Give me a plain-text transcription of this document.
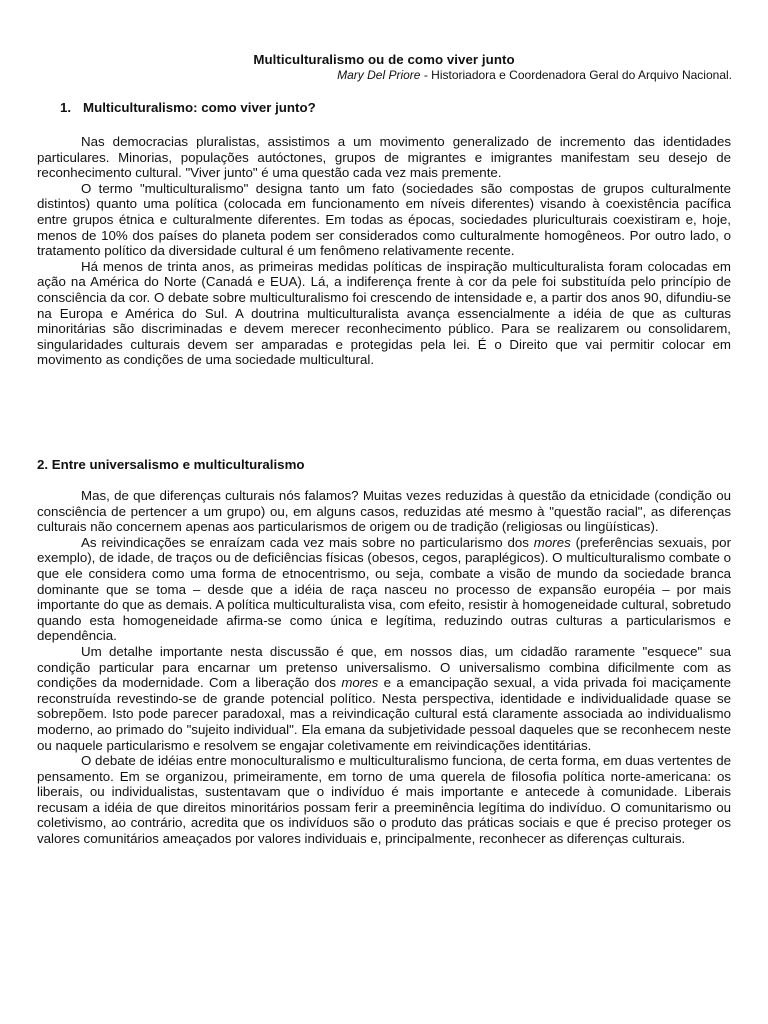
Multiculturalismo ou de como viver junto
Mary Del Priore - Historiadora e Coordenadora Geral do Arquivo Nacional.
1. Multiculturalismo: como viver junto?

Nas democracias pluralistas, assistimos a um movimento generalizado de incremento das identidades particulares. Minorias, populações autóctones, grupos de migrantes e imigrantes manifestam seu desejo de reconhecimento cultural. "Viver junto" é uma questão cada vez mais premente.

O termo "multiculturalismo" designa tanto um fato (sociedades são compostas de grupos culturalmente distintos) quanto uma política (colocada em funcionamento em níveis diferentes) visando à coexistência pacífica entre grupos étnica e culturalmente diferentes. Em todas as épocas, sociedades pluriculturais coexistiram e, hoje, menos de 10% dos países do planeta podem ser considerados como culturalmente homogêneos. Por outro lado, o tratamento político da diversidade cultural é um fenômeno relativamente recente.

Há menos de trinta anos, as primeiras medidas políticas de inspiração multiculturalista foram colocadas em ação na América do Norte (Canadá e EUA). Lá, a indiferença frente à cor da pele foi substituída pelo princípio de consciência da cor. O debate sobre multiculturalismo foi crescendo de intensidade e, a partir dos anos 90, difundiu-se na Europa e América do Sul. A doutrina multiculturalista avança essencialmente a idéia de que as culturas minoritárias são discriminadas e devem merecer reconhecimento público. Para se realizarem ou consolidarem, singularidades culturais devem ser amparadas e protegidas pela lei. É o Direito que vai permitir colocar em movimento as condições de uma sociedade multicultural.

2. Entre universalismo e multiculturalismo

Mas, de que diferenças culturais nós falamos? Muitas vezes reduzidas à questão da etnicidade (condição ou consciência de pertencer a um grupo) ou, em alguns casos, reduzidas até mesmo à "questão racial", as diferenças culturais não concernem apenas aos particularismos de origem ou de tradição (religiosas ou lingüísticas).

As reivindicações se enraízam cada vez mais sobre no particularismo dos mores (preferências sexuais, por exemplo), de idade, de traços ou de deficiências físicas (obesos, cegos, paraplégicos). O multiculturalismo combate o que ele considera como uma forma de etnocentrismo, ou seja, combate a visão de mundo da sociedade branca dominante que se toma – desde que a idéia de raça nasceu no processo de expansão européia – por mais importante do que as demais. A política multiculturalista visa, com efeito, resistir à homogeneidade cultural, sobretudo quando esta homogeneidade afirma-se como única e legítima, reduzindo outras culturas a particularismos e dependência.

Um detalhe importante nesta discussão é que, em nossos dias, um cidadão raramente "esquece" sua condição particular para encarnar um pretenso universalismo. O universalismo combina dificilmente com as condições da modernidade. Com a liberação dos mores e a emancipação sexual, a vida privada foi maciçamente reconstruída revestindo-se de grande potencial político. Nesta perspectiva, identidade e individualidade quase se sobrepõem. Isto pode parecer paradoxal, mas a reivindicação cultural está claramente associada ao individualismo moderno, ao primado do "sujeito individual". Ela emana da subjetividade pessoal daqueles que se reconhecem neste ou naquele particularismo e resolvem se engajar coletivamente em reivindicações identitárias.

O debate de idéias entre monoculturalismo e multiculturalismo funciona, de certa forma, em duas vertentes de pensamento. Em se organizou, primeiramente, em torno de uma querela de filosofia política norte-americana: os liberais, ou individualistas, sustentavam que o indivíduo é mais importante e antecede à comunidade. Liberais recusam a idéia de que direitos minoritários possam ferir a preeminência legítima do indivíduo. O comunitarismo ou coletivismo, ao contrário, acredita que os indivíduos são o produto das práticas sociais e que é preciso proteger os valores comunitários ameaçados por valores individuais e, principalmente, reconhecer as diferenças culturais.
